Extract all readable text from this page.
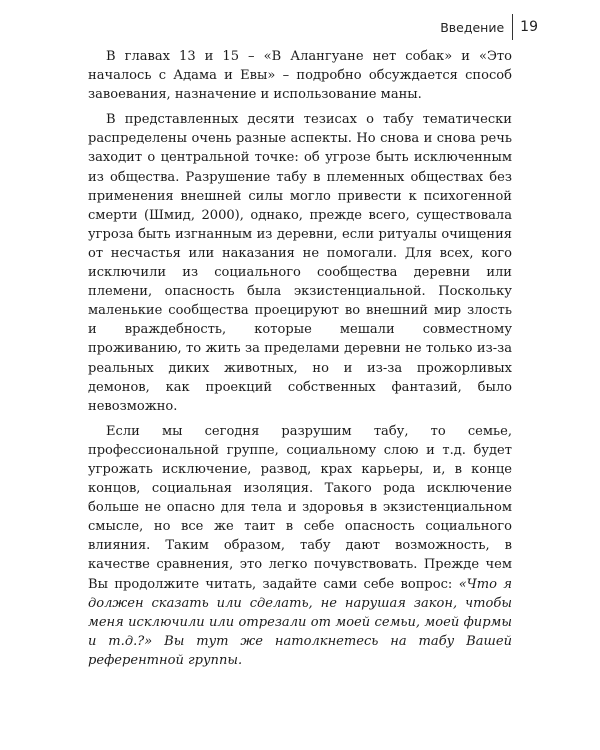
Введение	19

В главах 13 и 15 – «В Алангуане нет собак» и «Это началось с Адама и Евы» – подробно обсуждается способ завоевания, назначение и использование маны.

В представленных десяти тезисах о табу тематически распределены очень разные аспекты. Но снова и снова речь заходит о центральной точке: об угрозе быть исключенным из общества. Разрушение табу в племенных обществах без применения внешней силы могло привести к психогенной смерти (Шмид, 2000), однако, прежде всего, существовала угроза быть изгнанным из деревни, если ритуалы очищения от несчастья или наказания не помогали. Для всех, кого исключили из социального сообщества деревни или племени, опасность была экзистенциальной. Поскольку маленькие сообщества проецируют во внешний мир злость и враждебность, которые мешали совместному проживанию, то жить за пределами деревни не только из-за реальных диких животных, но и из-за прожорливых демонов, как проекций собственных фантазий, было невозможно.

Если мы сегодня разрушим табу, то семье, профессиональной группе, социальному слою и т.д. будет угрожать исключение, развод, крах карьеры, и, в конце концов, социальная изоляция. Такого рода исключение больше не опасно для тела и здоровья в экзистенциальном смысле, но все же таит в себе опасность социального влияния. Таким образом, табу дают возможность, в качестве сравнения, это легко почувствовать. Прежде чем Вы продолжите читать, задайте сами себе вопрос: «Что я должен сказать или сделать, не нарушая закон, чтобы меня исключили или отрезали от моей семьи, моей фирмы и т.д.?» Вы тут же натолкнетесь на табу Вашей референтной группы.
